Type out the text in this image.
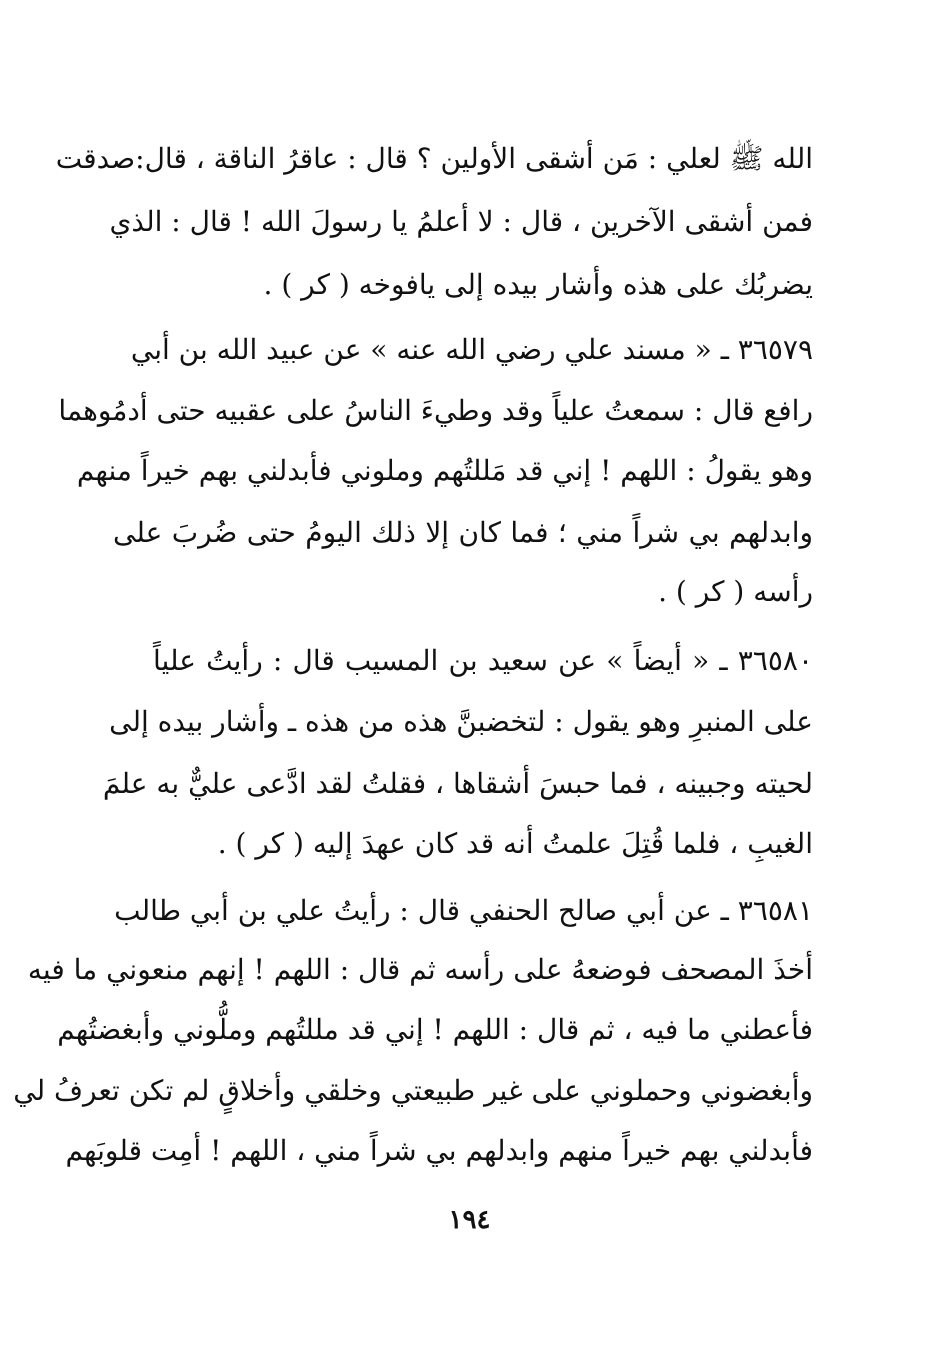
الله ﷺ لعلي : مَن أشقى الأولين ؟ قال : عاقرُ الناقة ، قال:صدقت
فمن أشقى الآخرين ، قال : لا أعلمُ يا رسولَ الله ! قال : الذي
يضربُك على هذه وأشار بيده إلى يافوخه ( كر ) .
٣٦٥٧٩ ـ « مسند علي رضي الله عنه » عن عبيد الله بن أبي
رافع قال : سمعتُ علياً وقد وطيءَ الناسُ على عقبيه حتى أدمُوهما
وهو يقولُ : اللهم ! إني قد مَللتُهم وملوني فأبدلني بهم خيراً منهم
وابدلهم بي شراً مني ؛ فما كان إلا ذلك اليومُ حتى ضُربَ على
رأسه ( كر ) .
٣٦٥٨٠ ـ « أيضاً » عن سعيد بن المسيب قال : رأيتُ علياً
على المنبرِ وهو يقول : لتخضبنَّ هذه من هذه ـ وأشار بيده إلى
لحيته وجبينه ، فما حبسَ أشقاها ، فقلتُ لقد ادَّعى عليٌّ به علمَ
الغيبِ ، فلما قُتِلَ علمتُ أنه قد كان عهدَ إليه ( كر ) .
٣٦٥٨١ ـ عن أبي صالح الحنفي قال : رأيتُ علي بن أبي طالب
أخذَ المصحف فوضعهُ على رأسه ثم قال : اللهم ! إنهم منعوني ما فيه
فأعطني ما فيه ، ثم قال : اللهم ! إني قد مللتُهم وملُّوني وأبغضتُهم
وأبغضوني وحملوني على غير طبيعتي وخلقي وأخلاقٍ لم تكن تعرفُ لي
فأبدلني بهم خيراً منهم وابدلهم بي شراً مني ، اللهم ! أمِت قلوبَهم
١٩٤
